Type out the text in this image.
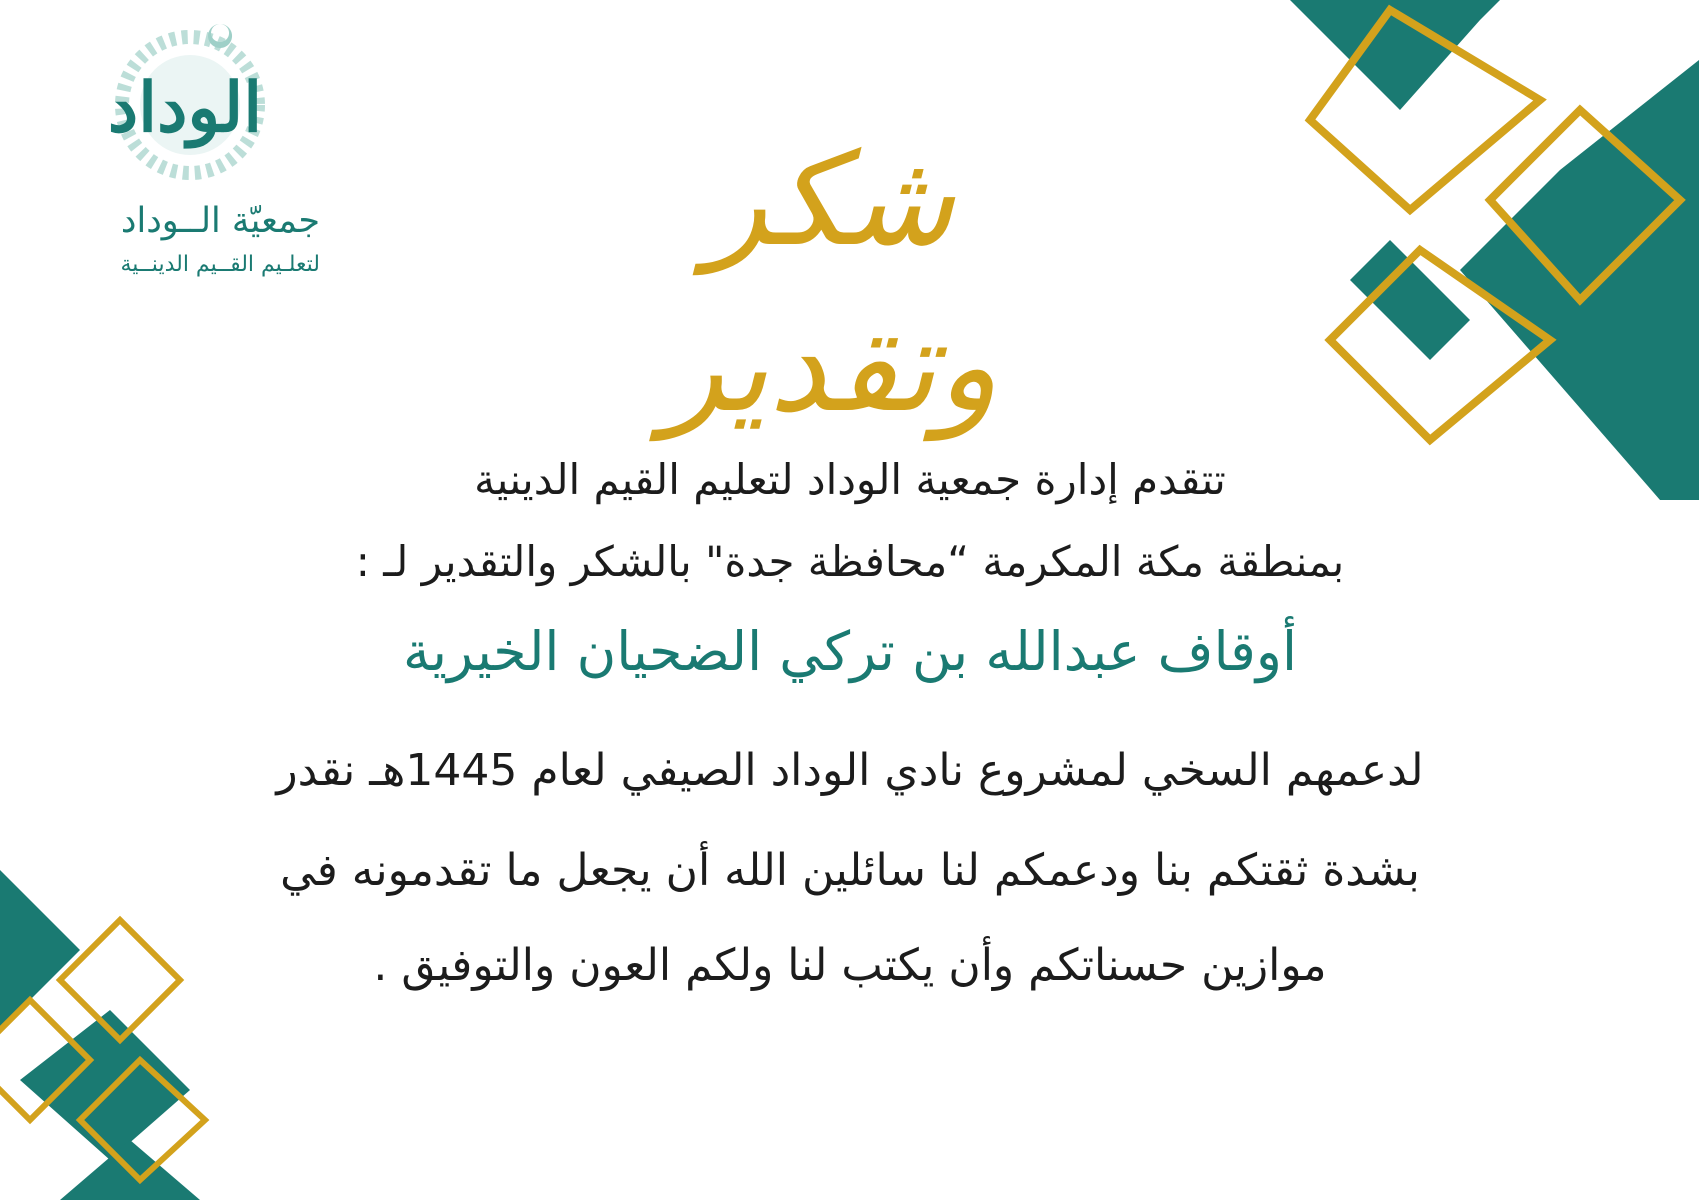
الوداد
جمعيّة الــوداد
لتعلـيم القــيم الدينــية	شكر وتقدير
تتقدم إدارة جمعية الوداد لتعليم القيم الدينية
بمنطقة مكة المكرمة “محافظة جدة" بالشكر والتقدير لـ :
أوقاف عبدالله بن تركي الضحيان الخيرية
لدعمهم السخي لمشروع نادي الوداد الصيفي لعام 1445هـ نقدر
بشدة ثقتكم بنا ودعمكم لنا سائلين الله أن يجعل ما تقدمونه في
موازين حسناتكم وأن يكتب لنا ولكم العون والتوفيق .
